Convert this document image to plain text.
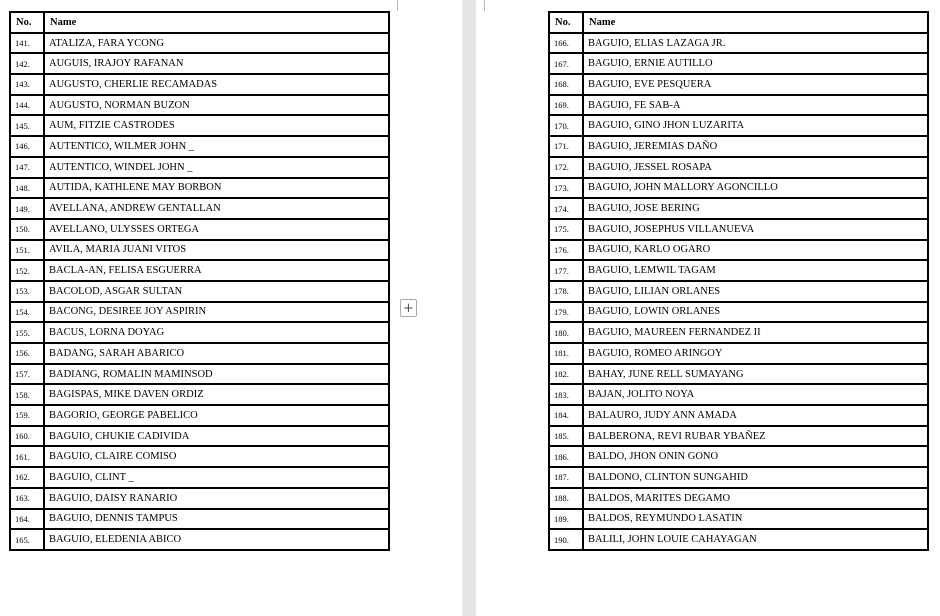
No.	Name
141.	ATALIZA, FARA YCONG
142.	AUGUIS, IRAJOY RAFANAN
143.	AUGUSTO, CHERLIE RECAMADAS
144.	AUGUSTO, NORMAN BUZON
145.	AUM, FITZIE CASTRODES
146.	AUTENTICO, WILMER JOHN _
147.	AUTENTICO, WINDEL JOHN _
148.	AUTIDA, KATHLENE MAY BORBON
149.	AVELLANA, ANDREW GENTALLAN
150.	AVELLANO, ULYSSES ORTEGA
151.	AVILA, MARIA JUANI VITOS
152.	BACLA-AN, FELISA ESGUERRA
153.	BACOLOD, ASGAR SULTAN
154.	BACONG, DESIREE JOY ASPIRIN
155.	BACUS, LORNA DOYAG
156.	BADANG, SARAH ABARICO
157.	BADIANG, ROMALIN MAMINSOD
158.	BAGISPAS, MIKE DAVEN ORDIZ
159.	BAGORIO, GEORGE PABELICO
160.	BAGUIO, CHUKIE CADIVIDA
161.	BAGUIO, CLAIRE COMISO
162.	BAGUIO, CLINT _
163.	BAGUIO, DAISY RANARIO
164.	BAGUIO, DENNIS TAMPUS
165.	BAGUIO, ELEDENIA ABICO
No.	Name
166.	BAGUIO, ELIAS LAZAGA JR.
167.	BAGUIO, ERNIE AUTILLO
168.	BAGUIO, EVE PESQUERA
169.	BAGUIO, FE SAB-A
170.	BAGUIO, GINO JHON LUZARITA
171.	BAGUIO, JEREMIAS DAÑO
172.	BAGUIO, JESSEL ROSAPA
173.	BAGUIO, JOHN MALLORY AGONCILLO
174.	BAGUIO, JOSE BERING
175.	BAGUIO, JOSEPHUS VILLANUEVA
176.	BAGUIO, KARLO OGARO
177.	BAGUIO, LEMWIL TAGAM
178.	BAGUIO, LILIAN ORLANES
179.	BAGUIO, LOWIN ORLANES
180.	BAGUIO, MAUREEN FERNANDEZ II
181.	BAGUIO, ROMEO ARINGOY
182.	BAHAY, JUNE RELL SUMAYANG
183.	BAJAN, JOLITO NOYA
184.	BALAURO, JUDY ANN AMADA
185.	BALBERONA, REVI RUBAR YBAÑEZ
186.	BALDO, JHON ONIN GONO
187.	BALDONO, CLINTON SUNGAHID
188.	BALDOS, MARITES DEGAMO
189.	BALDOS, REYMUNDO LASATIN
190.	BALILI, JOHN LOUIE CAHAYAGAN
+
